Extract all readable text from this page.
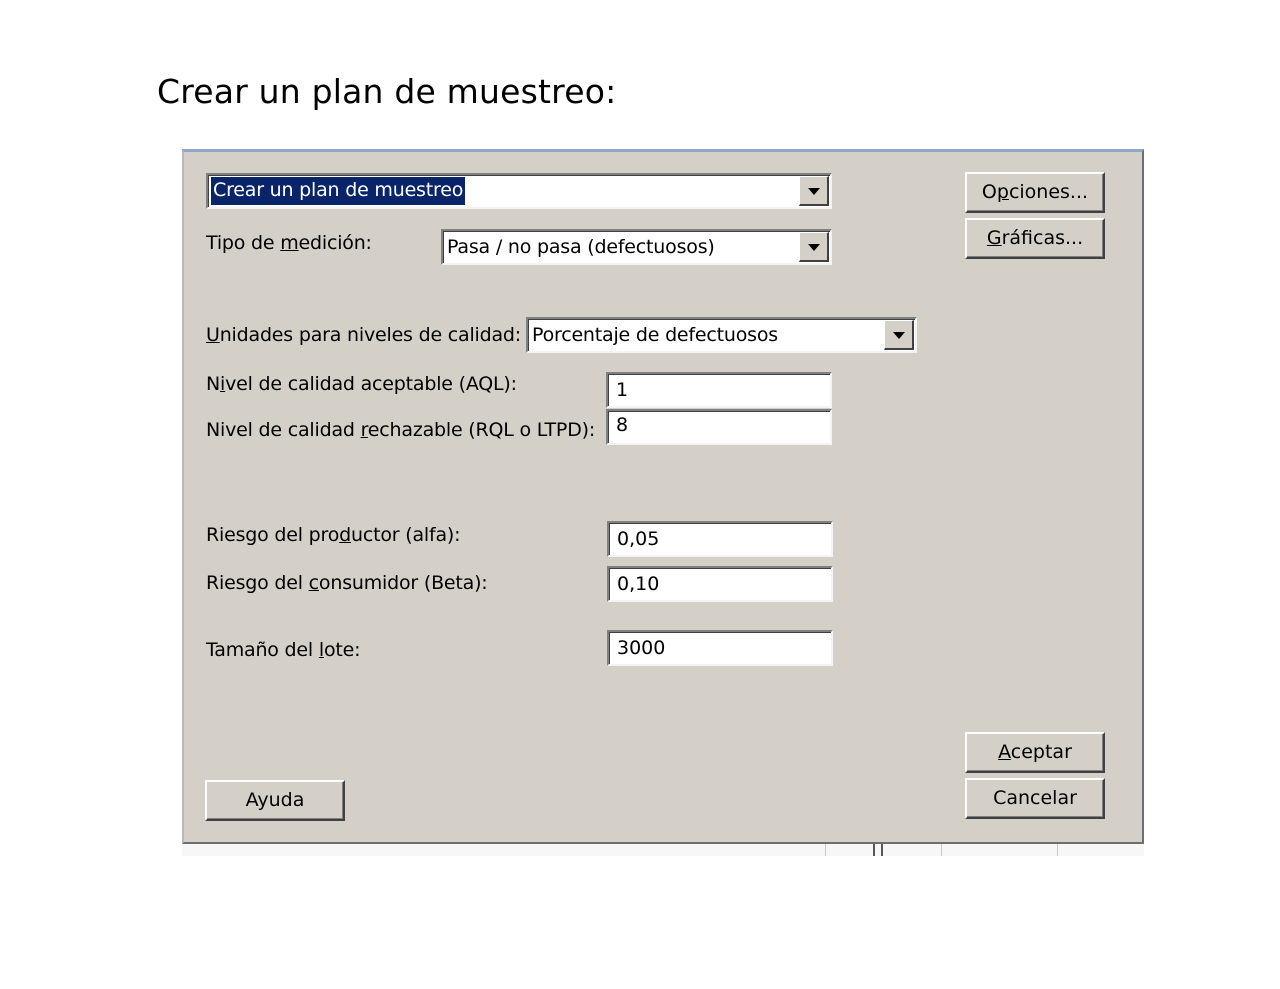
Crear un plan de muestreo:
Crear un plan de muestreo
Tipo de medición:	Pasa / no pasa (defectuosos)
Unidades para niveles de calidad: Porcentaje de defectuosos
Nivel de calidad aceptable (AQL):	1
Nivel de calidad rechazable (RQL o LTPD): 8
Riesgo del productor (alfa):	0,05
Riesgo del consumidor (Beta):	0,10
Tamaño del lote:	3000
Opciones...
Gráficas...
Aceptar
Cancelar
Ayuda
